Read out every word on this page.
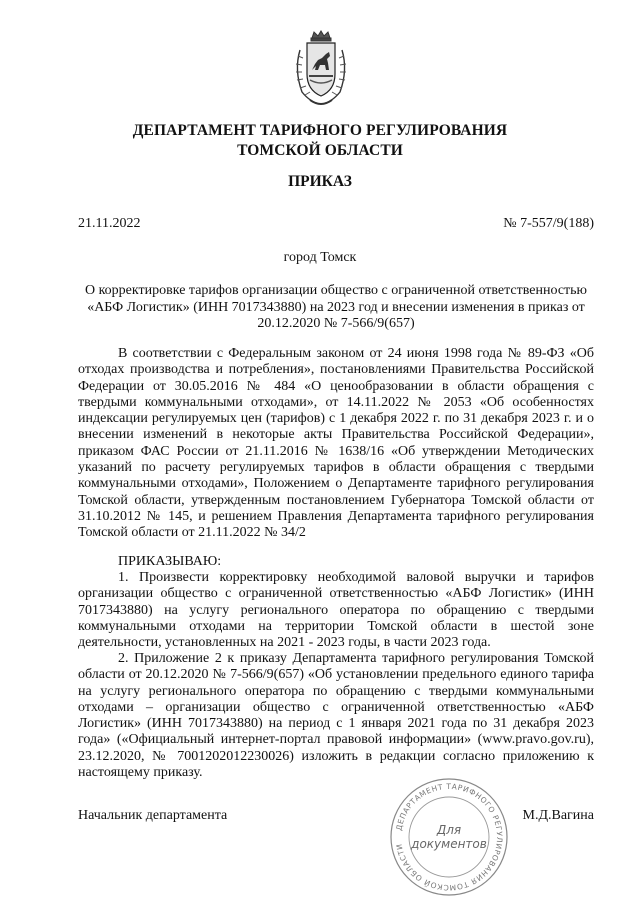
ДЕПАРТАМЕНТ ТАРИФНОГО РЕГУЛИРОВАНИЯ
ТОМСКОЙ ОБЛАСТИ
ПРИКАЗ
21.11.2022	№ 7-557/9(188)
город Томск
О корректировке тарифов организации общество с ограниченной ответственностью «АБФ Логистик» (ИНН 7017343880) на 2023 год и внесении изменения в приказ от 20.12.2020 № 7-566/9(657)
В соответствии с Федеральным законом от 24 июня 1998 года № 89-ФЗ «Об отходах производства и потребления», постановлениями Правительства Российской Федерации от 30.05.2016 № 484 «О ценообразовании в области обращения с твердыми коммунальными отходами», от 14.11.2022 № 2053 «Об особенностях индексации регулируемых цен (тарифов) с 1 декабря 2022 г. по 31 декабря 2023 г. и о внесении изменений в некоторые акты Правительства Российской Федерации», приказом ФАС России от 21.11.2016 № 1638/16 «Об утверждении Методических указаний по расчету регулируемых тарифов в области обращения с твердыми коммунальными отходами», Положением о Департаменте тарифного регулирования Томской области, утвержденным постановлением Губернатора Томской области от 31.10.2012 № 145, и решением Правления Департамента тарифного регулирования Томской области от 21.11.2022 № 34/2
ПРИКАЗЫВАЮ:
1. Произвести корректировку необходимой валовой выручки и тарифов организации общество с ограниченной ответственностью «АБФ Логистик» (ИНН 7017343880) на услугу регионального оператора по обращению с твердыми коммунальными отходами на территории Томской области в шестой зоне деятельности, установленных на 2021 - 2023 годы, в части 2023 года.
2. Приложение 2 к приказу Департамента тарифного регулирования Томской области от 20.12.2020 № 7-566/9(657) «Об установлении предельного единого тарифа на услугу регионального оператора по обращению с твердыми коммунальными отходами – организации общество с ограниченной ответственностью «АБФ Логистик» (ИНН 7017343880) на период с 1 января 2021 года по 31 декабря 2023 года» («Официальный интернет-портал правовой информации» (www.pravo.gov.ru), 23.12.2020, № 7001202012230026) изложить в редакции согласно приложению к настоящему приказу.
Начальник департамента	М.Д.Вагина
ДЕПАРТАМЕНТ ТАРИФНОГО РЕГУЛИРОВАНИЯ ТОМСКОЙ ОБЛАСТИ
Для
документов
